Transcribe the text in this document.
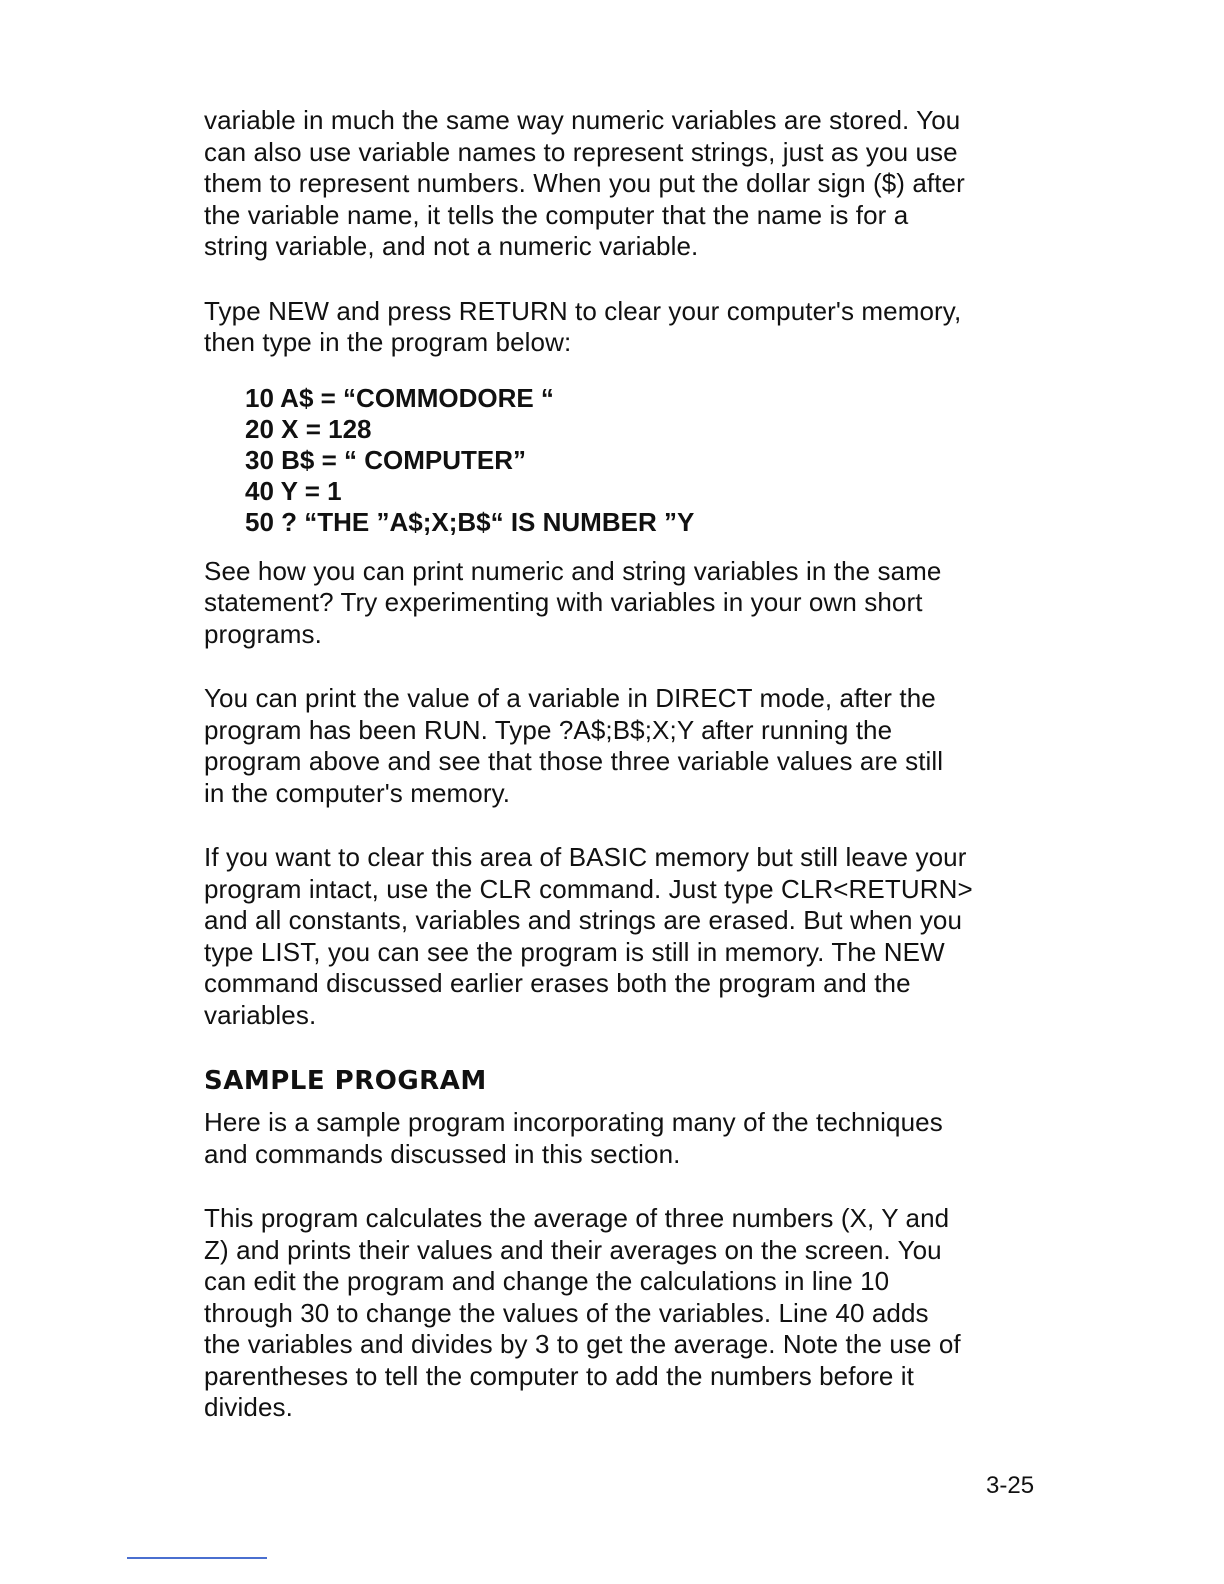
variable in much the same way numeric variables are stored. You
can also use variable names to represent strings, just as you use
them to represent numbers. When you put the dollar sign ($) after
the variable name, it tells the computer that the name is for a
string variable, and not a numeric variable.

Type NEW and press RETURN to clear your computer's memory,
then type in the program below:

10 A$ = “COMMODORE “
20 X = 128
30 B$ = “ COMPUTER”
40 Y = 1
50 ? “THE ”A$;X;B$“ IS NUMBER ”Y

See how you can print numeric and string variables in the same
statement? Try experimenting with variables in your own short
programs.

You can print the value of a variable in DIRECT mode, after the
program has been RUN. Type ?A$;B$;X;Y after running the
program above and see that those three variable values are still
in the computer's memory.

If you want to clear this area of BASIC memory but still leave your
program intact, use the CLR command. Just type CLR<RETURN>
and all constants, variables and strings are erased. But when you
type LIST, you can see the program is still in memory. The NEW
command discussed earlier erases both the program and the
variables.

SAMPLE PROGRAM

Here is a sample program incorporating many of the techniques
and commands discussed in this section.

This program calculates the average of three numbers (X, Y and
Z) and prints their values and their averages on the screen. You
can edit the program and change the calculations in line 10
through 30 to change the values of the variables. Line 40 adds
the variables and divides by 3 to get the average. Note the use of
parentheses to tell the computer to add the numbers before it
divides.

3-25
